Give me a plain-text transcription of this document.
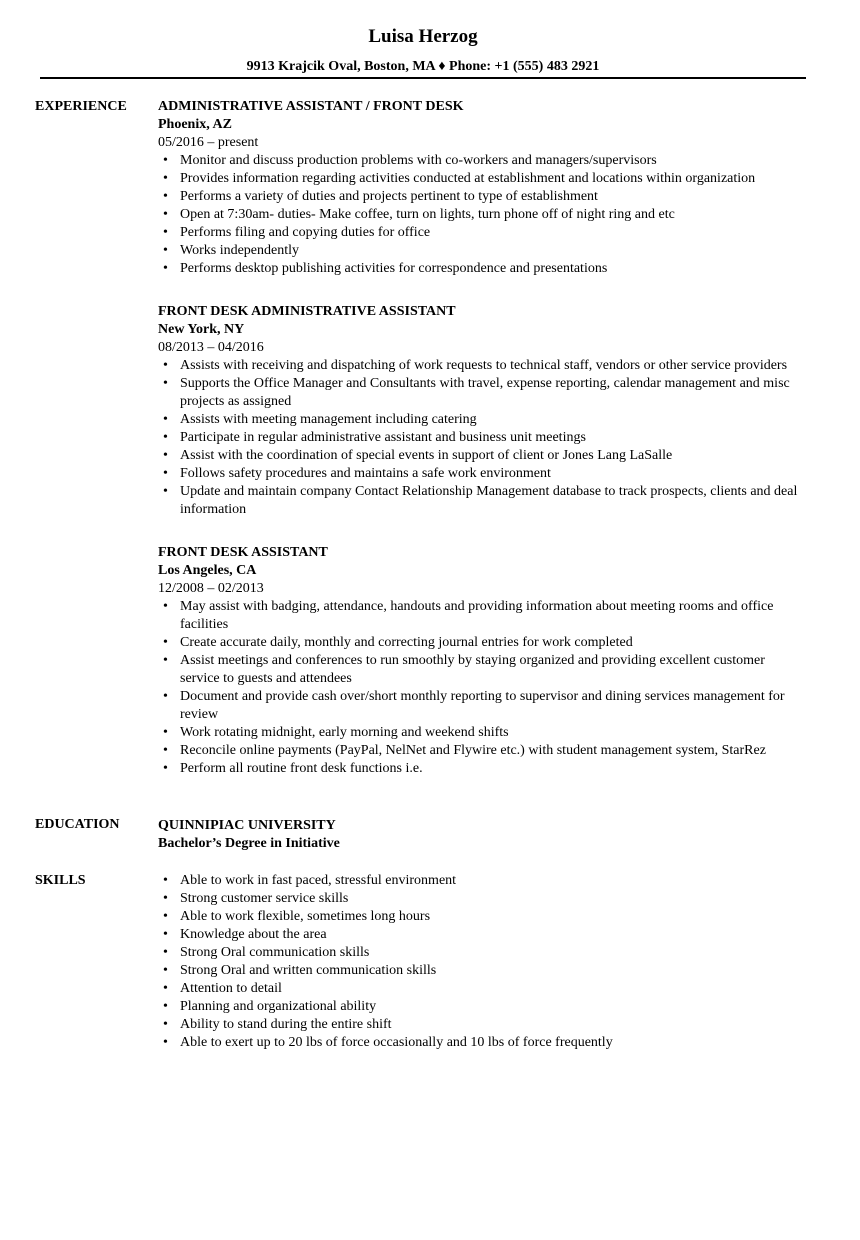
Luisa Herzog
9913 Krajcik Oval, Boston, MA ♦ Phone: +1 (555) 483 2921
EXPERIENCE ADMINISTRATIVE ASSISTANT / FRONT DESK
Phoenix, AZ
05/2016 – present
• Monitor and discuss production problems with co-workers and managers/supervisors
• Provides information regarding activities conducted at establishment and locations within organization
• Performs a variety of duties and projects pertinent to type of establishment
• Open at 7:30am- duties- Make coffee, turn on lights, turn phone off of night ring and etc
• Performs filing and copying duties for office
• Works independently
• Performs desktop publishing activities for correspondence and presentations
FRONT DESK ADMINISTRATIVE ASSISTANT
New York, NY
08/2013 – 04/2016
• Assists with receiving and dispatching of work requests to technical staff, vendors or other service providers
• Supports the Office Manager and Consultants with travel, expense reporting, calendar management and misc projects as assigned
• Assists with meeting management including catering
• Participate in regular administrative assistant and business unit meetings
• Assist with the coordination of special events in support of client or Jones Lang LaSalle
• Follows safety procedures and maintains a safe work environment
• Update and maintain company Contact Relationship Management database to track prospects, clients and deal information
FRONT DESK ASSISTANT
Los Angeles, CA
12/2008 – 02/2013
• May assist with badging, attendance, handouts and providing information about meeting rooms and office facilities
• Create accurate daily, monthly and correcting journal entries for work completed
• Assist meetings and conferences to run smoothly by staying organized and providing excellent customer service to guests and attendees
• Document and provide cash over/short monthly reporting to supervisor and dining services management for review
• Work rotating midnight, early morning and weekend shifts
• Reconcile online payments (PayPal, NelNet and Flywire etc.) with student management system, StarRez
• Perform all routine front desk functions i.e.
EDUCATION	QUINNIPIAC UNIVERSITY
Bachelor’s Degree in Initiative
SKILLS	• Able to work in fast paced, stressful environment
• Strong customer service skills
• Able to work flexible, sometimes long hours
• Knowledge about the area
• Strong Oral communication skills
• Strong Oral and written communication skills
• Attention to detail
• Planning and organizational ability
• Ability to stand during the entire shift
• Able to exert up to 20 lbs of force occasionally and 10 lbs of force frequently
